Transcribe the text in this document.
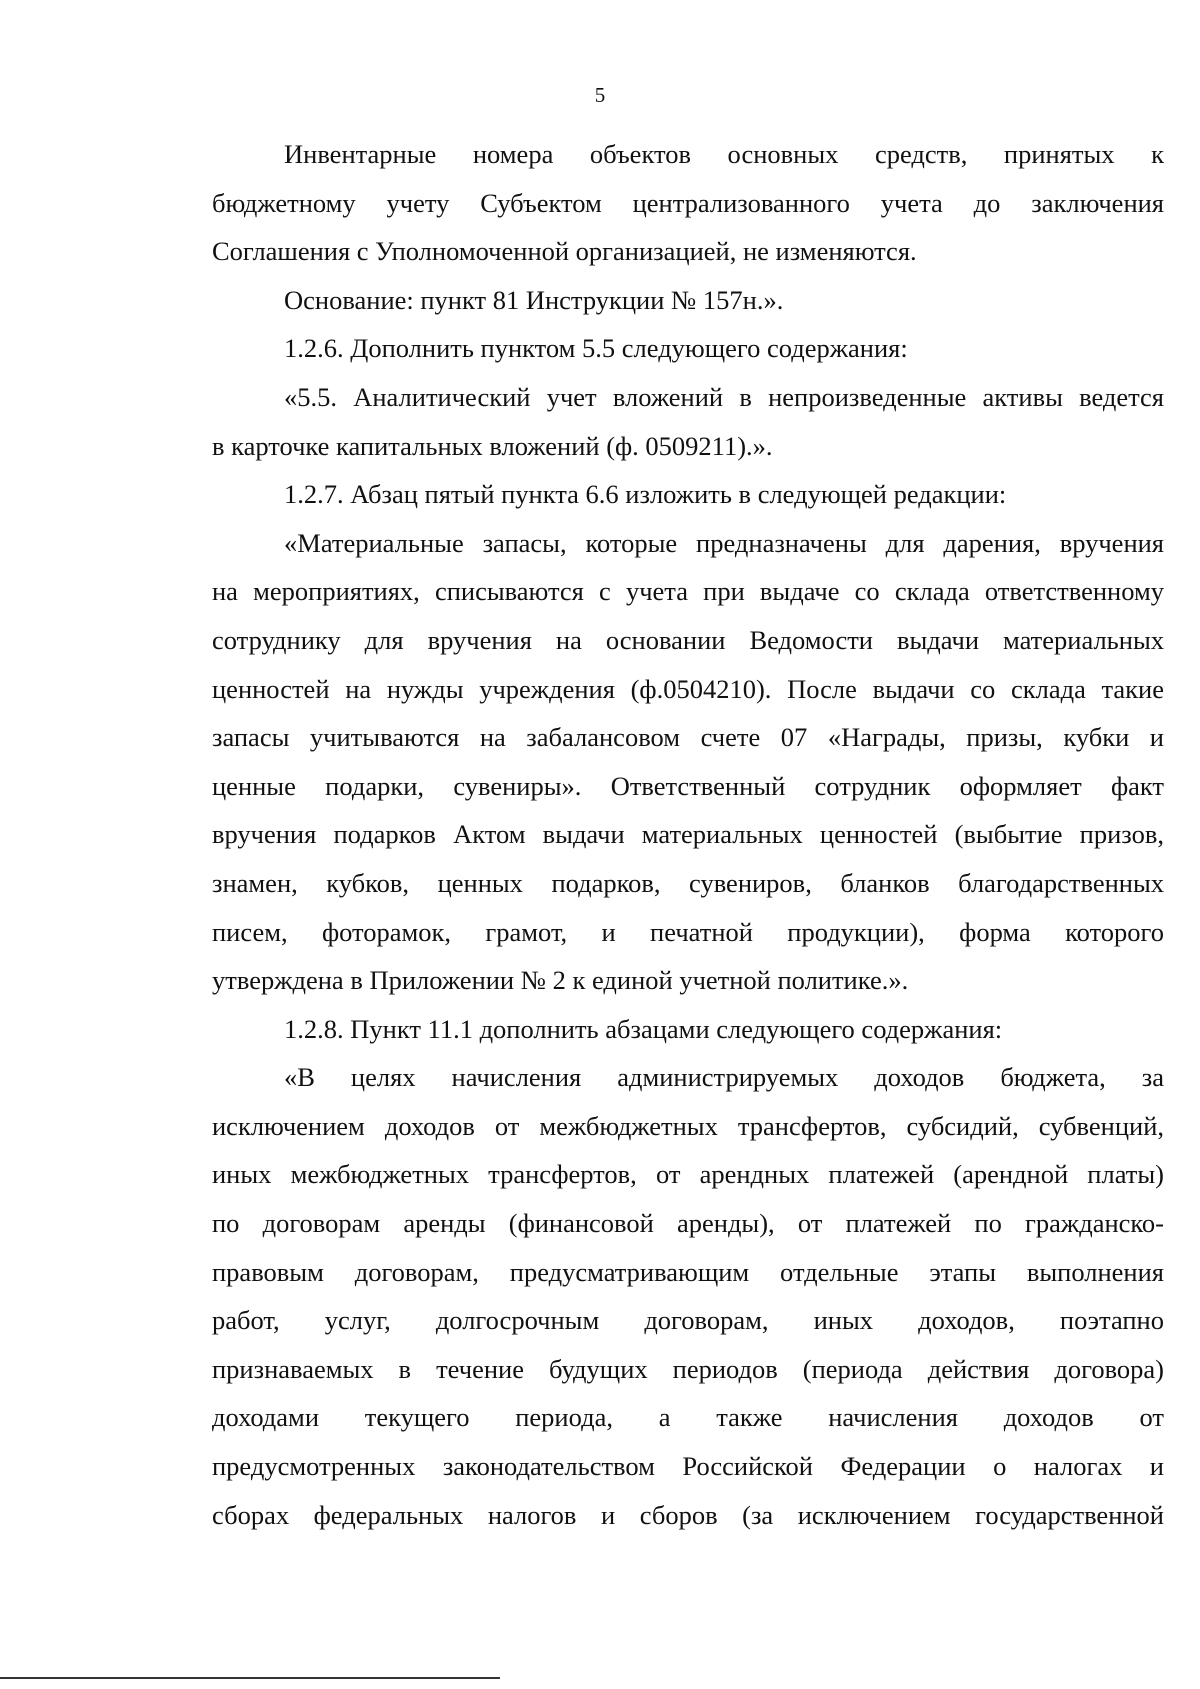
5
Инвентарные номера объектов основных средств, принятых к
бюджетному учету Субъектом централизованного учета до заключения
Соглашения с Уполномоченной организацией, не изменяются.
Основание: пункт 81 Инструкции № 157н.».
1.2.6. Дополнить пунктом 5.5 следующего содержания:
«5.5. Аналитический учет вложений в непроизведенные активы ведется
в карточке капитальных вложений (ф. 0509211).».
1.2.7. Абзац пятый пункта 6.6 изложить в следующей редакции:
«Материальные запасы, которые предназначены для дарения, вручения
на мероприятиях, списываются с учета при выдаче со склада ответственному
сотруднику для вручения на основании Ведомости выдачи материальных
ценностей на нужды учреждения (ф.0504210). После выдачи со склада такие
запасы учитываются на забалансовом счете 07 «Награды, призы, кубки и
ценные подарки, сувениры». Ответственный сотрудник оформляет факт
вручения подарков Актом выдачи материальных ценностей (выбытие призов,
знамен, кубков, ценных подарков, сувениров, бланков благодарственных
писем, фоторамок, грамот, и печатной продукции), форма которого
утверждена в Приложении № 2 к единой учетной политике.».
1.2.8. Пункт 11.1 дополнить абзацами следующего содержания:
«В целях начисления администрируемых доходов бюджета, за
исключением доходов от межбюджетных трансфертов, субсидий, субвенций,
иных межбюджетных трансфертов, от арендных платежей (арендной платы)
по договорам аренды (финансовой аренды), от платежей по гражданско-
правовым договорам, предусматривающим отдельные этапы выполнения
работ, услуг, долгосрочным договорам, иных доходов, поэтапно
признаваемых в течение будущих периодов (периода действия договора)
доходами текущего периода, а также начисления доходов от
предусмотренных законодательством Российской Федерации о налогах и
сборах федеральных налогов и сборов (за исключением государственной
